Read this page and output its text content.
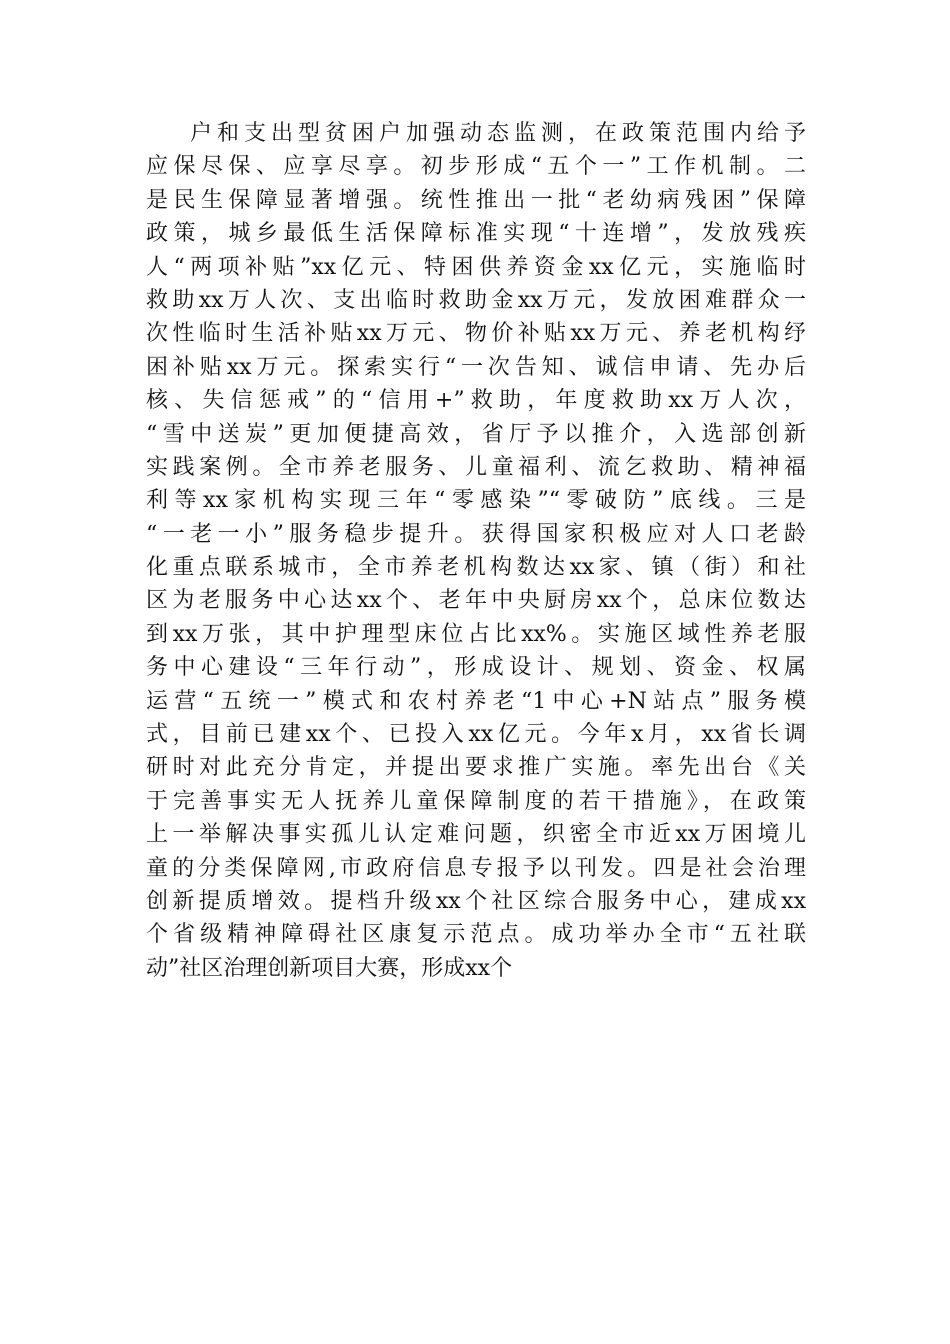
户和支出型贫困户加强动态监测，在政策范围内给予
应保尽保、应享尽享。初步形成“五个一”工作机制。二
是民生保障显著增强。统性推出一批“老幼病残困”保障
政策，城乡最低生活保障标准实现“十连增”，发放残疾
人“两项补贴”xx亿元、特困供养资金xx亿元，实施临时
救助xx万人次、支出临时救助金xx万元，发放困难群众一
次性临时生活补贴xx万元、物价补贴xx万元、养老机构纾
困补贴xx万元。探索实行“一次告知、诚信申请、先办后
核、失信惩戒”的“信用+”救助，年度救助xx万人次，
“雪中送炭”更加便捷高效，省厅予以推介，入选部创新
实践案例。全市养老服务、儿童福利、流乞救助、精神福
利等xx家机构实现三年“零感染”“零破防”底线。三是
“一老一小”服务稳步提升。获得国家积极应对人口老龄
化重点联系城市，全市养老机构数达xx家、镇（街）和社
区为老服务中心达xx个、老年中央厨房xx个，总床位数达
到xx万张，其中护理型床位占比xx%。实施区域性养老服
务中心建设“三年行动”，形成设计、规划、资金、权属
运营“五统一”模式和农村养老“1中心+N站点”服务模
式，目前已建xx个、已投入xx亿元。今年x月，xx省长调
研时对此充分肯定，并提出要求推广实施。率先出台《关
于完善事实无人抚养儿童保障制度的若干措施》，在政策
上一举解决事实孤儿认定难问题，织密全市近xx万困境儿
童的分类保障网,市政府信息专报予以刊发。四是社会治理
创新提质增效。提档升级xx个社区综合服务中心，建成xx
个省级精神障碍社区康复示范点。成功举办全市“五社联
动”社区治理创新项目大赛，形成xx个
